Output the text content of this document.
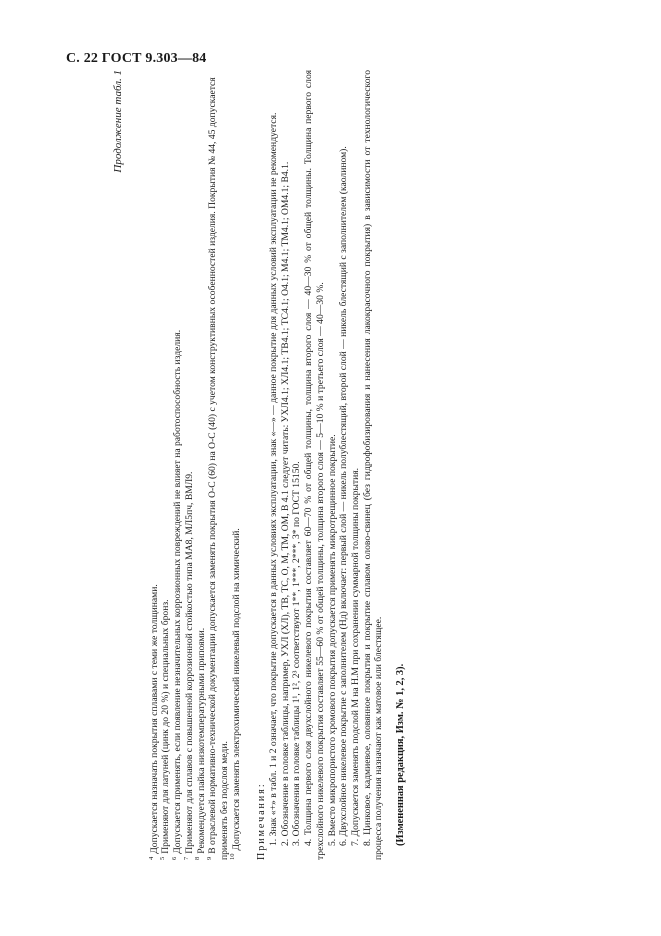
С. 22 ГОСТ 9.303—84
Продолжение табл. 1

$^4$Допускается назначать покрытия сплавами с теми же толщинами.

$^5$Применяют для латуней (цинк до 20 %) и специальных бронз.

$^6$Допускается применять, если появление незначительных коррозионных повреждений не влияет на работоспособность изделия.

$^7$Применяют для сплавов с повышенной коррозионной стойкостью типа МА8, МЛ5пч, ВМЛ9.

$^8$Рекомендуется пайка низкотемпературными припоями.

$^9$В отраслевой нормативно-технической документации допускается заменять покрытия О-С (60) на О-С (40) с учетом конструктивных особенностей изделия. Покрытия № 44, 45 допускается применять без подслоя меди. $^{10}$Допускается заменять электрохимический никелевый подслой на химический. Примечания: 1. Знак «+» в табл. 1 и 2 означает, что покрытие допускается в данных условиях эксплуатации, знак «—» — данное покрытие для данных условий эксплуатации не рекомендуется. 2. Обозначение в головке таблицы, например, УХЛ (ХЛ), ТВ, ТС, О, М, ТМ, ОМ, В 4.1 следует читать: УХЛ4.1; ХЛ4.1; ТВ4.1; ТС4.1; О4.1; М4.1; ТМ4.1; ОМ4.1; В4.1. 3. Обозначения в головке таблицы 1¹, 1², 2³ соответствуют 1**, 1***, 2***, 3* по ГОСТ 15150. 4. Толщина первого слоя двухслойного никелевого покрытия составляет 60—70 % от общей толщины, толщина второго слоя — 40—30 % от общей толщины. Толщина первого слоя трехслойного никелевого покрытия составляет 55—60 % от общей толщины, толщина второго слоя — 5—10 % и третьего слоя — 40—30 %. 5. Вместо микропористого хромового покрытия допускается применять микротрещинное покрытие. 6. Двухслойное никелевое покрытие с заполнителем (Нд) включает: первый слой — никель полублестящий, второй слой — никель блестящий с заполнителем (каолином). 7. Допускается заменять подслой М на Н.М при сохранении суммарной толщины покрытия. 8. Цинковое, кадмиевое, оловянное покрытия и покрытие сплавом олово-свинец (без гидрофобизирования и нанесения лакокрасочного покрытия) в зависимости от технологического процесса получения назначают как матовое или блестящее. (Измененная редакция, Изм. № 1, 2, 3).
